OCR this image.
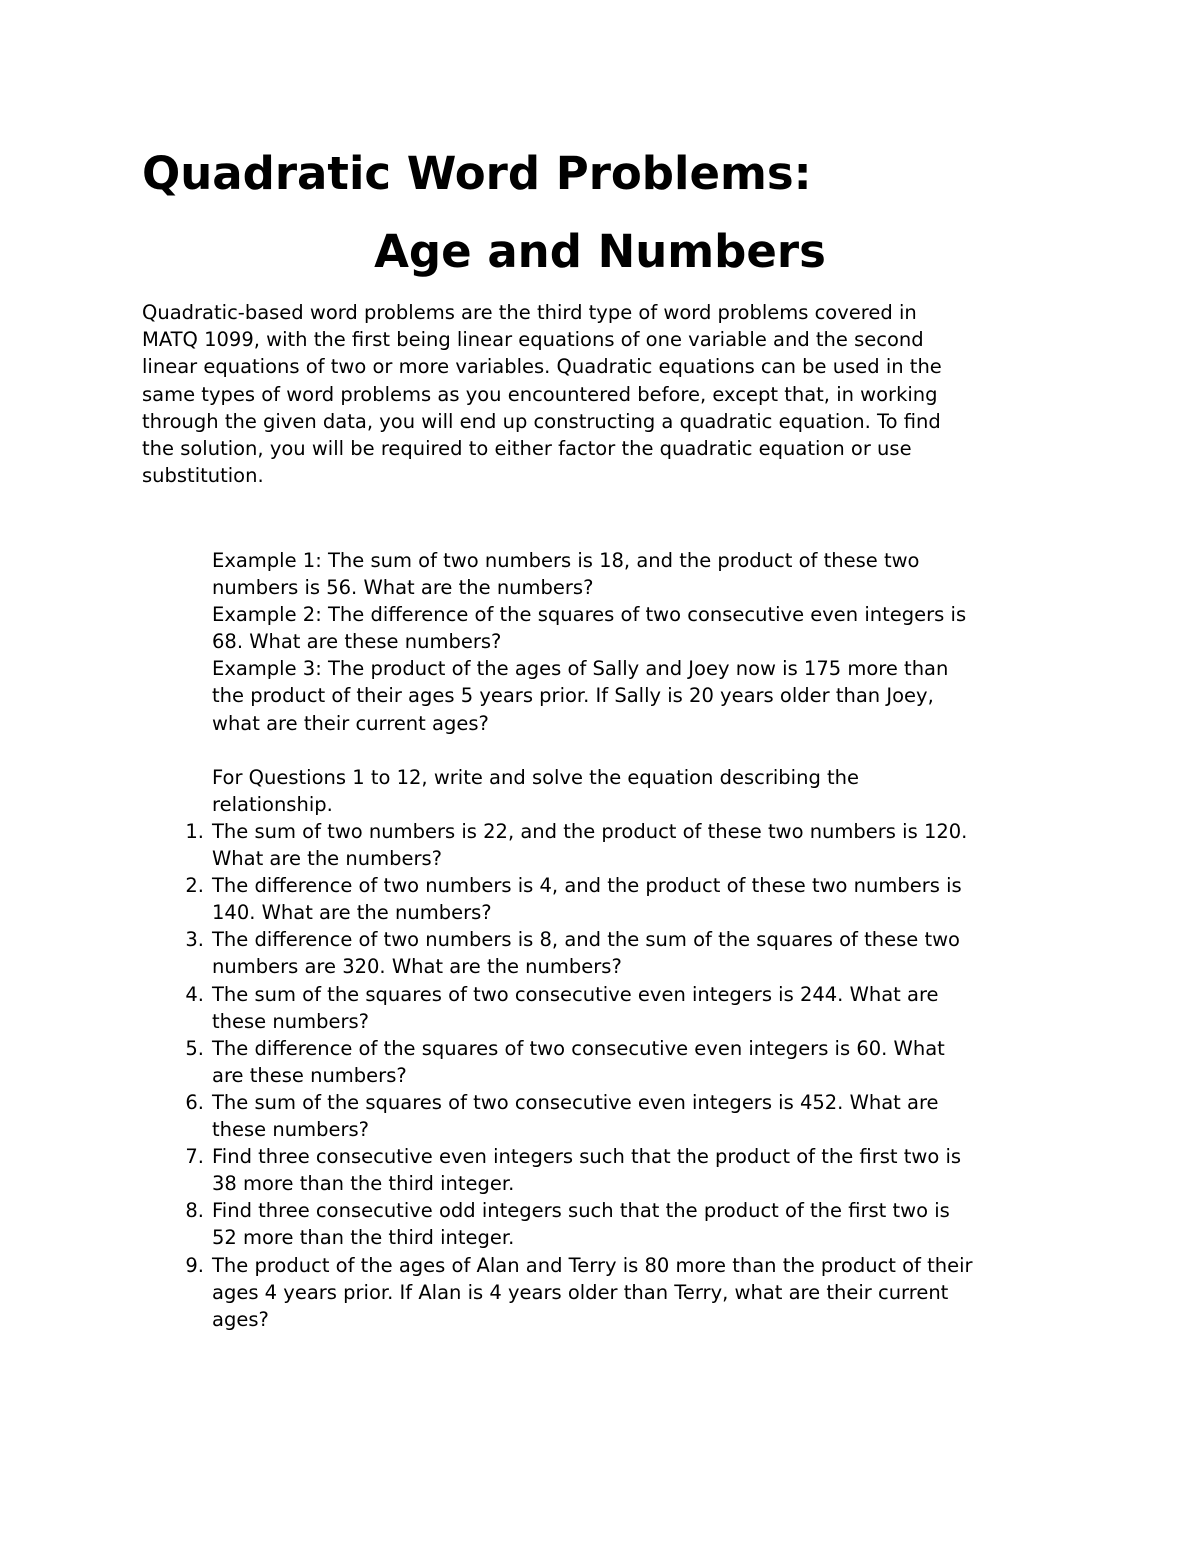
Quadratic Word Problems:
Age and Numbers

Quadratic-based word problems are the third type of word problems covered in
MATQ 1099, with the first being linear equations of one variable and the second
linear equations of two or more variables. Quadratic equations can be used in the
same types of word problems as you encountered before, except that, in working
through the given data, you will end up constructing a quadratic equation. To find
the solution, you will be required to either factor the quadratic equation or use
substitution.

Example 1: The sum of two numbers is 18, and the product of these two
numbers is 56. What are the numbers?
Example 2: The difference of the squares of two consecutive even integers is
68. What are these numbers?
Example 3: The product of the ages of Sally and Joey now is 175 more than
the product of their ages 5 years prior. If Sally is 20 years older than Joey,
what are their current ages?

For Questions 1 to 12, write and solve the equation describing the
relationship.
1. The sum of two numbers is 22, and the product of these two numbers is 120.
What are the numbers?
2. The difference of two numbers is 4, and the product of these two numbers is
140. What are the numbers?
3. The difference of two numbers is 8, and the sum of the squares of these two
numbers are 320. What are the numbers?
4. The sum of the squares of two consecutive even integers is 244. What are
these numbers?
5. The difference of the squares of two consecutive even integers is 60. What
are these numbers?
6. The sum of the squares of two consecutive even integers is 452. What are
these numbers?
7. Find three consecutive even integers such that the product of the first two is
38 more than the third integer.
8. Find three consecutive odd integers such that the product of the first two is
52 more than the third integer.
9. The product of the ages of Alan and Terry is 80 more than the product of their
ages 4 years prior. If Alan is 4 years older than Terry, what are their current
ages?
